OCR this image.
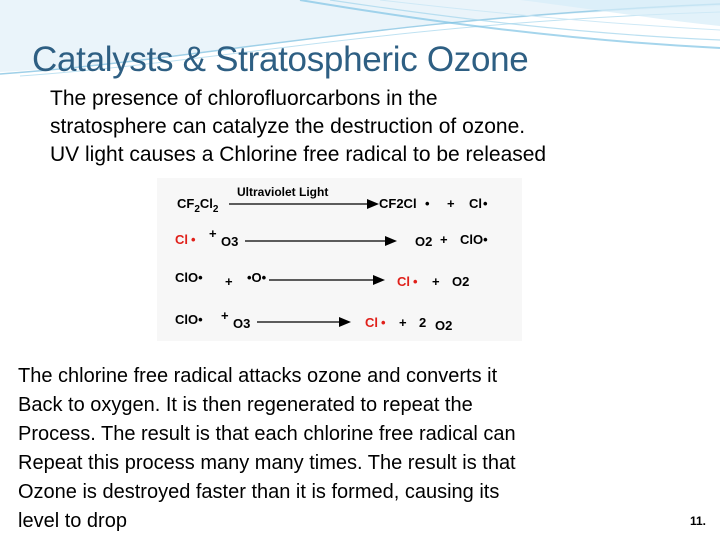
Catalysts & Stratospheric Ozone

The presence of chlorofluorcarbons in the
stratosphere can catalyze the destruction of ozone.
UV light causes a Chlorine free radical to be released

$CF_2Cl_2$
Ultraviolet Light
CF2Cl • + Cl •
Cl • +
O3	O2 + ClO•
ClO• + •O•	Cl • + O2
ClO• +
O3	Cl • + 2 O2

The chlorine free radical attacks ozone and converts it
Back to oxygen. It is then regenerated to repeat the
Process. The result is that each chlorine free radical can
Repeat this process many many times. The result is that
Ozone is destroyed faster than it is formed, causing its
level to drop	11.
